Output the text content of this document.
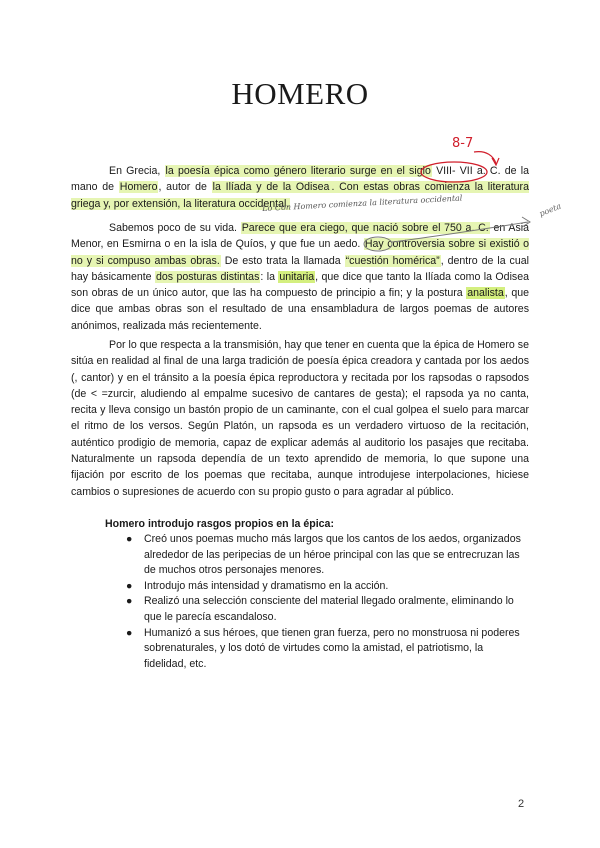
HOMERO

En Grecia, la poesía épica como género literario surge en el siglo VIII- VII a. C. de la mano de Homero, autor de la Ilíada y de la Odisea . Con estas obras comienza la literatura griega y, por extensión, la literatura occidental.

Sabemos poco de su vida. Parece que era ciego, que nació sobre el 750 a. C. en Asia Menor, en Esmirna o en la isla de Quíos, y que fue un aedo. Hay controversia sobre si existió o no y si compuso ambas obras. De esto trata la llamada “cuestión homérica”, dentro de la cual hay básicamente dos posturas distintas: la unitaria, que dice que tanto la Ilíada como la Odisea son obras de un único autor, que las ha compuesto de principio a fin; y la postura analista, que dice que ambas obras son el resultado de una ensambladura de largos poemas de autores anónimos, realizada más recientemente.

Por lo que respecta a la transmisión, hay que tener en cuenta que la épica de Homero se sitúa en realidad al final de una larga tradición de poesía épica creadora y cantada por los aedos (, cantor) y en el tránsito a la poesía épica reproductora y recitada por los rapsodas o rapsodos (de < =zurcir, aludiendo al empalme sucesivo de cantares de gesta); el rapsoda ya no canta, recita y lleva consigo un bastón propio de un caminante, con el cual golpea el suelo para marcar el ritmo de los versos. Según Platón, un rapsoda es un verdadero virtuoso de la recitación, auténtico prodigio de memoria, capaz de explicar además al auditorio los pasajes que recitaba. Naturalmente un rapsoda dependía de un texto aprendido de memoria, lo que supone una fijación por escrito de los poemas que recitaba, aunque introdujese interpolaciones, hiciese cambios o supresiones de acuerdo con su propio gusto o para agradar al público.

Homero introdujo rasgos propios en la épica:

● Creó unos poemas mucho más largos que los cantos de los aedos, organizados alrededor de las peripecias de un héroe principal con las que se entrecruzan las de muchos otros personajes menores.
● Introdujo más intensidad y dramatismo en la acción.
● Realizó una selección consciente del material llegado oralmente, eliminando lo que le parecía escandaloso.
● Humanizó a sus héroes, que tienen gran fuerza, pero no monstruosa ni poderes sobrenaturales, y los dotó de virtudes como la amistad, el patriotismo, la fidelidad, etc.
2
8-7
Lo Con Homero comienza la literatura occidental	poeta
